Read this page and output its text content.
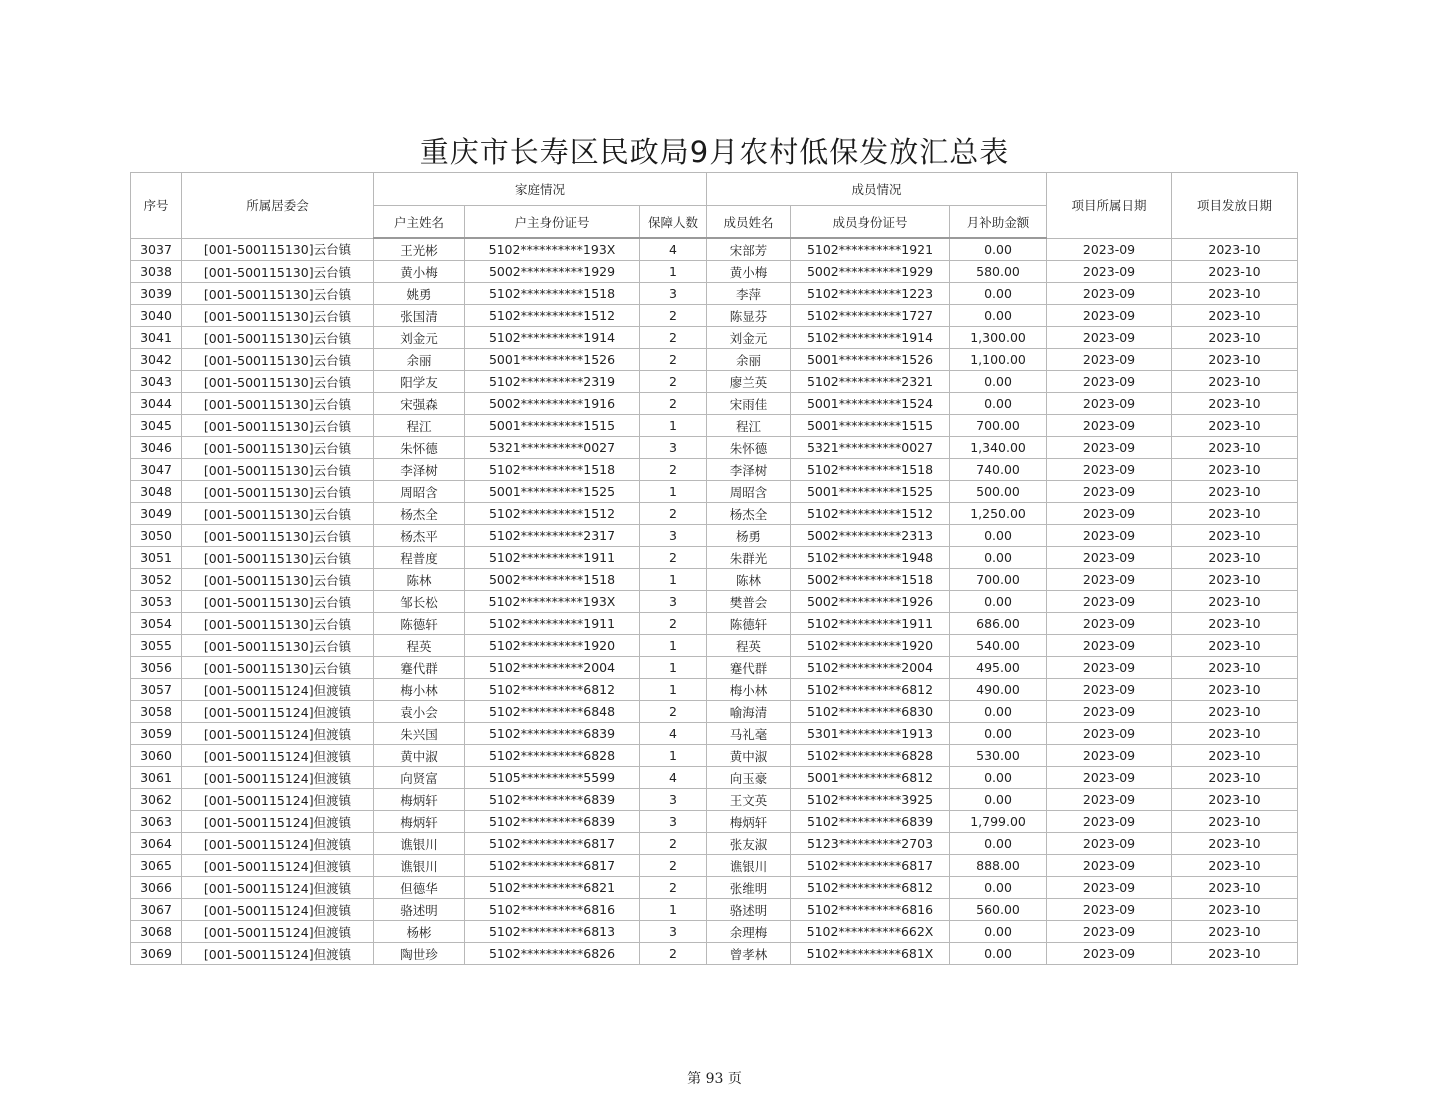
重庆市长寿区民政局9月农村低保发放汇总表
序号	所属居委会	家庭情况			成员情况			项目所属日期	项目发放日期
		户主姓名	户主身份证号	保障人数	成员姓名	成员身份证号	月补助金额		
3037	[001-500115130]云台镇	王光彬	5102**********193X	4	宋部芳	5102**********1921	0.00	2023-09	2023-10
3038	[001-500115130]云台镇	黄小梅	5002**********1929	1	黄小梅	5002**********1929	580.00	2023-09	2023-10
3039	[001-500115130]云台镇	姚勇	5102**********1518	3	李萍	5102**********1223	0.00	2023-09	2023-10
3040	[001-500115130]云台镇	张国清	5102**********1512	2	陈显芬	5102**********1727	0.00	2023-09	2023-10
3041	[001-500115130]云台镇	刘金元	5102**********1914	2	刘金元	5102**********1914	1,300.00	2023-09	2023-10
3042	[001-500115130]云台镇	余丽	5001**********1526	2	余丽	5001**********1526	1,100.00	2023-09	2023-10
3043	[001-500115130]云台镇	阳学友	5102**********2319	2	廖兰英	5102**********2321	0.00	2023-09	2023-10
3044	[001-500115130]云台镇	宋强森	5002**********1916	2	宋雨佳	5001**********1524	0.00	2023-09	2023-10
3045	[001-500115130]云台镇	程江	5001**********1515	1	程江	5001**********1515	700.00	2023-09	2023-10
3046	[001-500115130]云台镇	朱怀德	5321**********0027	3	朱怀德	5321**********0027	1,340.00	2023-09	2023-10
3047	[001-500115130]云台镇	李泽树	5102**********1518	2	李泽树	5102**********1518	740.00	2023-09	2023-10
3048	[001-500115130]云台镇	周昭含	5001**********1525	1	周昭含	5001**********1525	500.00	2023-09	2023-10
3049	[001-500115130]云台镇	杨杰全	5102**********1512	2	杨杰全	5102**********1512	1,250.00	2023-09	2023-10
3050	[001-500115130]云台镇	杨杰平	5102**********2317	3	杨勇	5002**********2313	0.00	2023-09	2023-10
3051	[001-500115130]云台镇	程普度	5102**********1911	2	朱群光	5102**********1948	0.00	2023-09	2023-10
3052	[001-500115130]云台镇	陈林	5002**********1518	1	陈林	5002**********1518	700.00	2023-09	2023-10
3053	[001-500115130]云台镇	邹长松	5102**********193X	3	樊普会	5002**********1926	0.00	2023-09	2023-10
3054	[001-500115130]云台镇	陈德轩	5102**********1911	2	陈德轩	5102**********1911	686.00	2023-09	2023-10
3055	[001-500115130]云台镇	程英	5102**********1920	1	程英	5102**********1920	540.00	2023-09	2023-10
3056	[001-500115130]云台镇	蹇代群	5102**********2004	1	蹇代群	5102**********2004	495.00	2023-09	2023-10
3057	[001-500115124]但渡镇	梅小林	5102**********6812	1	梅小林	5102**********6812	490.00	2023-09	2023-10
3058	[001-500115124]但渡镇	袁小会	5102**********6848	2	喻海清	5102**********6830	0.00	2023-09	2023-10
3059	[001-500115124]但渡镇	朱兴国	5102**********6839	4	马礼毫	5301**********1913	0.00	2023-09	2023-10
3060	[001-500115124]但渡镇	黄中淑	5102**********6828	1	黄中淑	5102**********6828	530.00	2023-09	2023-10
3061	[001-500115124]但渡镇	向贤富	5105**********5599	4	向玉豪	5001**********6812	0.00	2023-09	2023-10
3062	[001-500115124]但渡镇	梅炳轩	5102**********6839	3	王文英	5102**********3925	0.00	2023-09	2023-10
3063	[001-500115124]但渡镇	梅炳轩	5102**********6839	3	梅炳轩	5102**********6839	1,799.00	2023-09	2023-10
3064	[001-500115124]但渡镇	谯银川	5102**********6817	2	张友淑	5123**********2703	0.00	2023-09	2023-10
3065	[001-500115124]但渡镇	谯银川	5102**********6817	2	谯银川	5102**********6817	888.00	2023-09	2023-10
3066	[001-500115124]但渡镇	但德华	5102**********6821	2	张维明	5102**********6812	0.00	2023-09	2023-10
3067	[001-500115124]但渡镇	骆述明	5102**********6816	1	骆述明	5102**********6816	560.00	2023-09	2023-10
3068	[001-500115124]但渡镇	杨彬	5102**********6813	3	余理梅	5102**********662X	0.00	2023-09	2023-10
3069	[001-500115124]但渡镇	陶世珍	5102**********6826	2	曾孝林	5102**********681X	0.00	2023-09	2023-10
第 93 页
